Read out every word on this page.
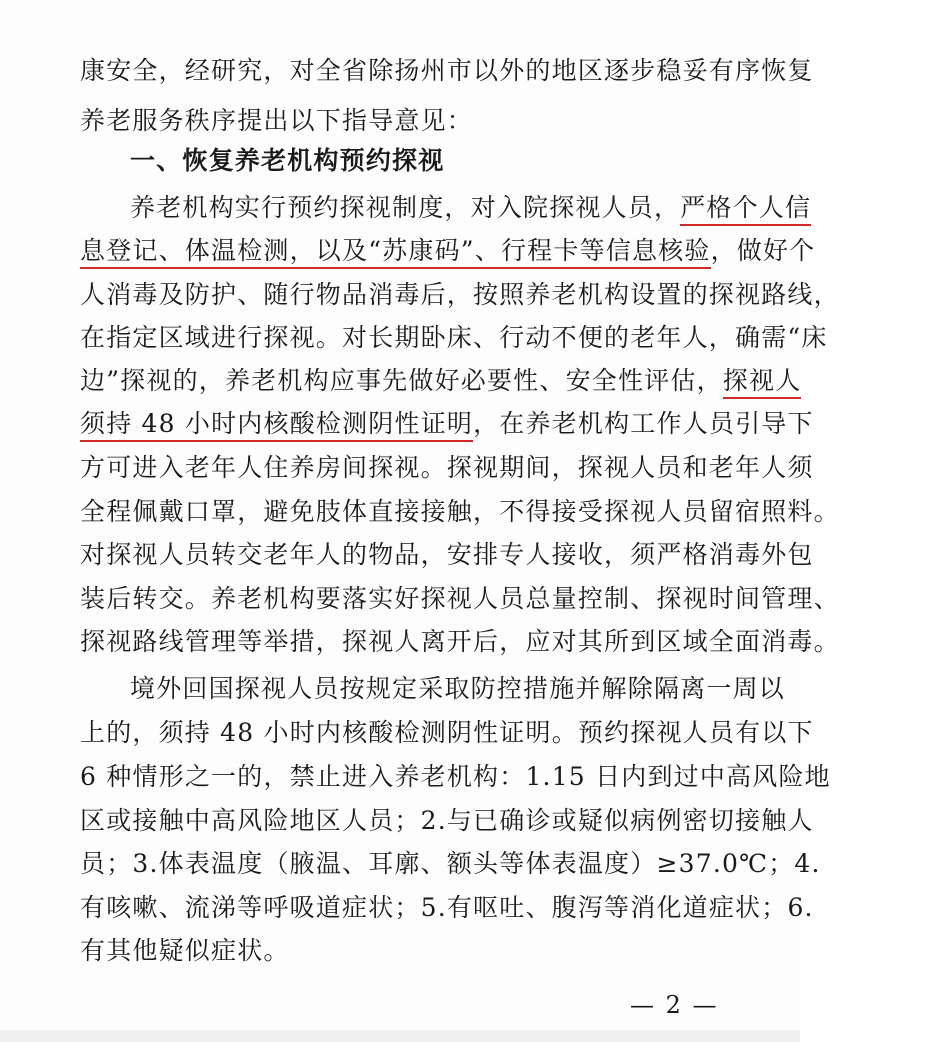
康安全，经研究，对全省除扬州市以外的地区逐步稳妥有序恢复
养老服务秩序提出以下指导意见：
一、恢复养老机构预约探视
养老机构实行预约探视制度，对入院探视人员，严格个人信
息登记、体温检测，以及“苏康码”、行程卡等信息核验，做好个
人消毒及防护、随行物品消毒后，按照养老机构设置的探视路线，
在指定区域进行探视。对长期卧床、行动不便的老年人，确需“床
边”探视的，养老机构应事先做好必要性、安全性评估，探视人
须持 48 小时内核酸检测阴性证明，在养老机构工作人员引导下
方可进入老年人住养房间探视。探视期间，探视人员和老年人须
全程佩戴口罩，避免肢体直接接触，不得接受探视人员留宿照料。
对探视人员转交老年人的物品，安排专人接收，须严格消毒外包
装后转交。养老机构要落实好探视人员总量控制、探视时间管理、
探视路线管理等举措，探视人离开后，应对其所到区域全面消毒。
境外回国探视人员按规定采取防控措施并解除隔离一周以
上的，须持 48 小时内核酸检测阴性证明。预约探视人员有以下
6 种情形之一的，禁止进入养老机构：1.15 日内到过中高风险地
区或接触中高风险地区人员；2.与已确诊或疑似病例密切接触人
员；3.体表温度（腋温、耳廓、额头等体表温度）≥37.0℃；4.
有咳嗽、流涕等呼吸道症状；5.有呕吐、腹泻等消化道症状；6.
有其他疑似症状。
— 2 —
